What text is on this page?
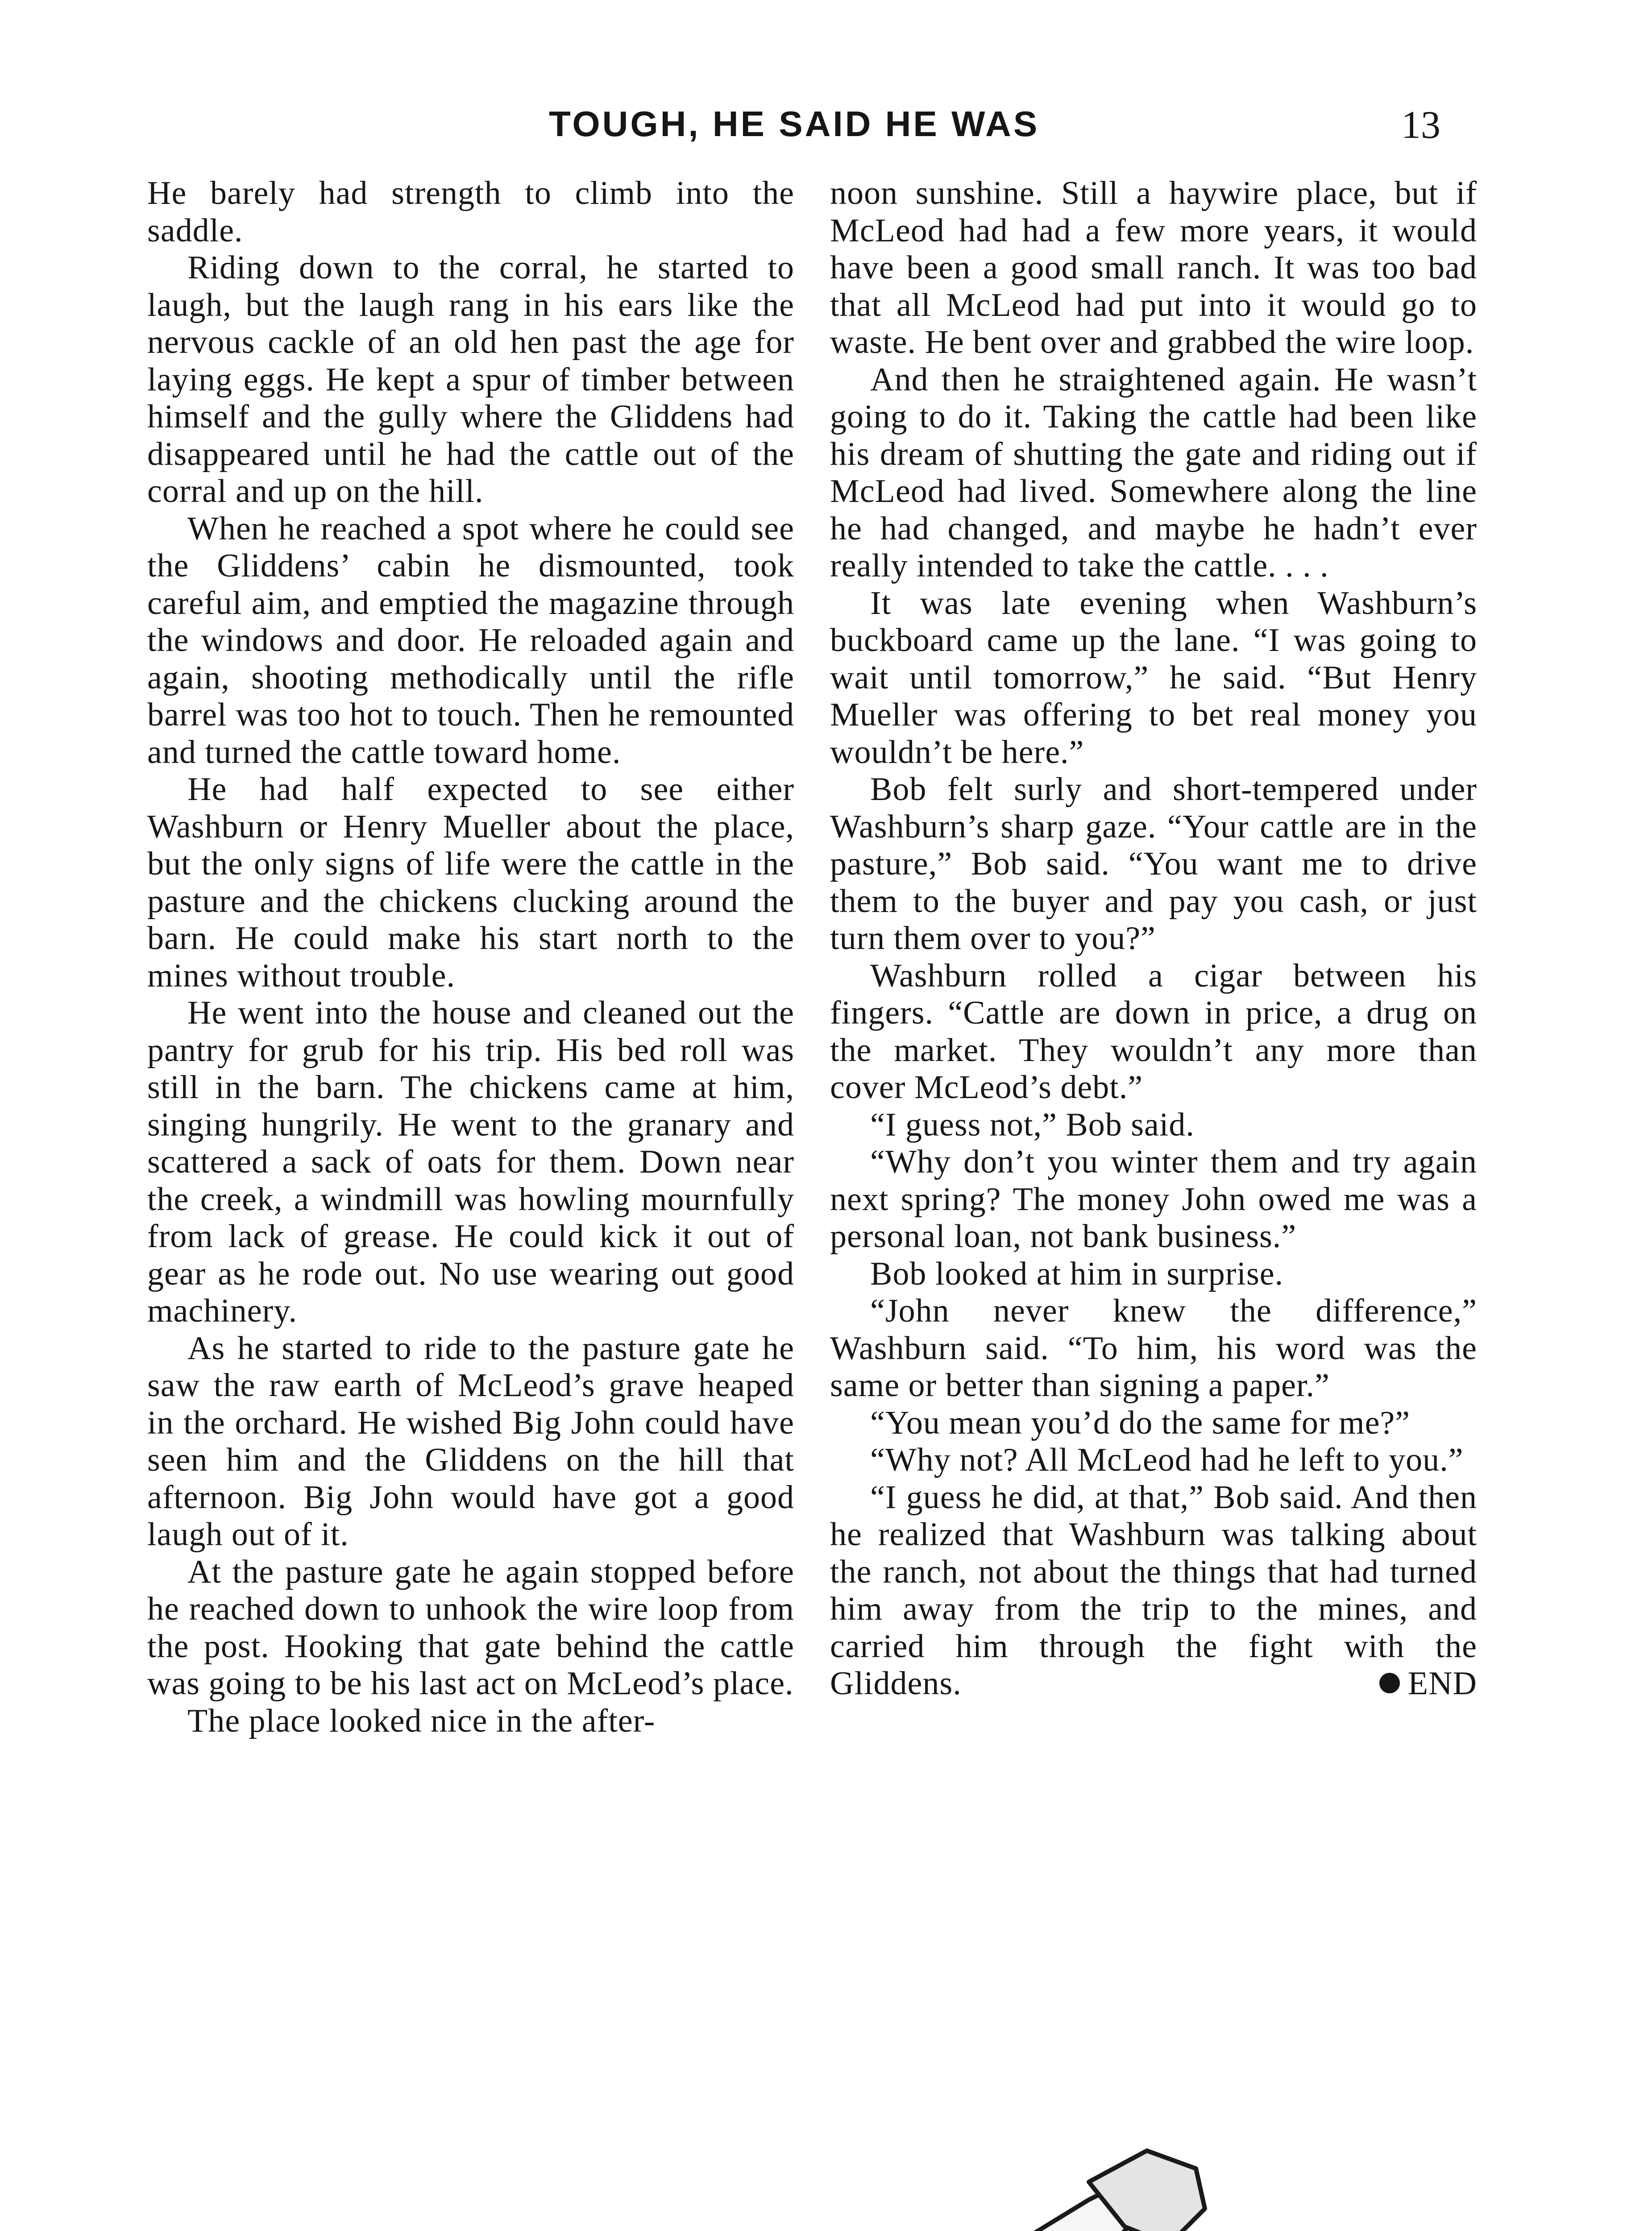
TOUGH, HE SAID HE WAS	13

He barely had strength to climb into the saddle.

Riding down to the corral, he started to laugh, but the laugh rang in his ears like the nervous cackle of an old hen past the age for laying eggs. He kept a spur of timber between himself and the gully where the Gliddens had disappeared until he had the cattle out of the corral and up on the hill.

When he reached a spot where he could see the Gliddens’ cabin he dismounted, took careful aim, and emptied the magazine through the windows and door. He reloaded again and again, shooting methodically until the rifle barrel was too hot to touch. Then he remounted and turned the cattle toward home.

He had half expected to see either Washburn or Henry Mueller about the place, but the only signs of life were the cattle in the pasture and the chickens clucking around the barn. He could make his start north to the mines without trouble.

He went into the house and cleaned out the pantry for grub for his trip. His bed roll was still in the barn. The chickens came at him, singing hungrily. He went to the granary and scattered a sack of oats for them. Down near the creek, a windmill was howling mournfully from lack of grease. He could kick it out of gear as he rode out. No use wearing out good machinery.

As he started to ride to the pasture gate he saw the raw earth of McLeod’s grave heaped in the orchard. He wished Big John could have seen him and the Gliddens on the hill that afternoon. Big John would have got a good laugh out of it.

At the pasture gate he again stopped before he reached down to unhook the wire loop from the post. Hooking that gate behind the cattle was going to be his last act on McLeod’s place.

The place looked nice in the after-

noon sunshine. Still a haywire place, but if McLeod had had a few more years, it would have been a good small ranch. It was too bad that all McLeod had put into it would go to waste. He bent over and grabbed the wire loop.

And then he straightened again. He wasn’t going to do it. Taking the cattle had been like his dream of shutting the gate and riding out if McLeod had lived. Somewhere along the line he had changed, and maybe he hadn’t ever really intended to take the cattle. . . .

It was late evening when Washburn’s buckboard came up the lane. “I was going to wait until tomorrow,” he said. “But Henry Mueller was offering to bet real money you wouldn’t be here.”

Bob felt surly and short-tempered under Washburn’s sharp gaze. “Your cattle are in the pasture,” Bob said. “You want me to drive them to the buyer and pay you cash, or just turn them over to you?”

Washburn rolled a cigar between his fingers. “Cattle are down in price, a drug on the market. They wouldn’t any more than cover McLeod’s debt.”

“I guess not,” Bob said.

“Why don’t you winter them and try again next spring? The money John owed me was a personal loan, not bank business.”

Bob looked at him in surprise.

“John never knew the difference,” Washburn said. “To him, his word was the same or better than signing a paper.”

“You mean you’d do the same for me?”

“Why not? All McLeod had he left to you.”

“I guess he did, at that,” Bob said. And then he realized that Washburn was talking about the ranch, not about the things that had turned him away from the trip to the mines, and carried him through the fight with the Gliddens.	END
